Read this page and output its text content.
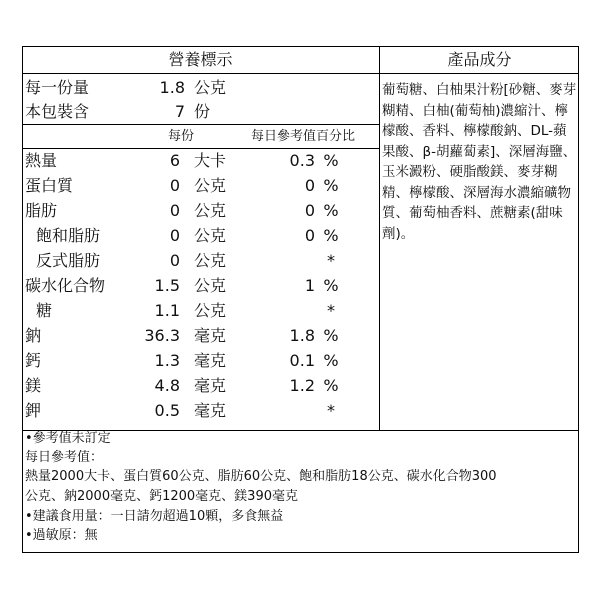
營養標示	產品成分
每一份量	1.8 公克
本包裝含	7 份
每份	每日參考值百分比
熱量	6 大卡	0.3 %
蛋白質	0 公克	0 %
脂肪	0 公克	0 %
飽和脂肪	0 公克	0 %
反式脂肪	0 公克	*
碳水化合物	1.5 公克	1 %
糖	1.1 公克	*
鈉	36.3 毫克	1.8 %
鈣	1.3 毫克	0.1 %
鎂	4.8 毫克	1.2 %
鉀	0.5 毫克	*
葡萄糖、白柚果汁粉[砂糖、麥芽糊精、白柚(葡萄柚)濃縮汁、檸檬酸、香料、檸檬酸鈉、DL-蘋果酸、β-胡蘿蔔素]、深層海鹽、玉米澱粉、硬脂酸鎂、麥芽糊精、檸檬酸、深層海水濃縮礦物質、葡萄柚香料、蔗糖素(甜味劑)。
•參考值未訂定
每日參考值：
熱量2000大卡、蛋白質60公克、脂肪60公克、飽和脂肪18公克、碳水化合物300
公克、鈉2000毫克、鈣1200毫克、鎂390毫克
•建議食用量：一日請勿超過10顆，多食無益
•過敏原：無
